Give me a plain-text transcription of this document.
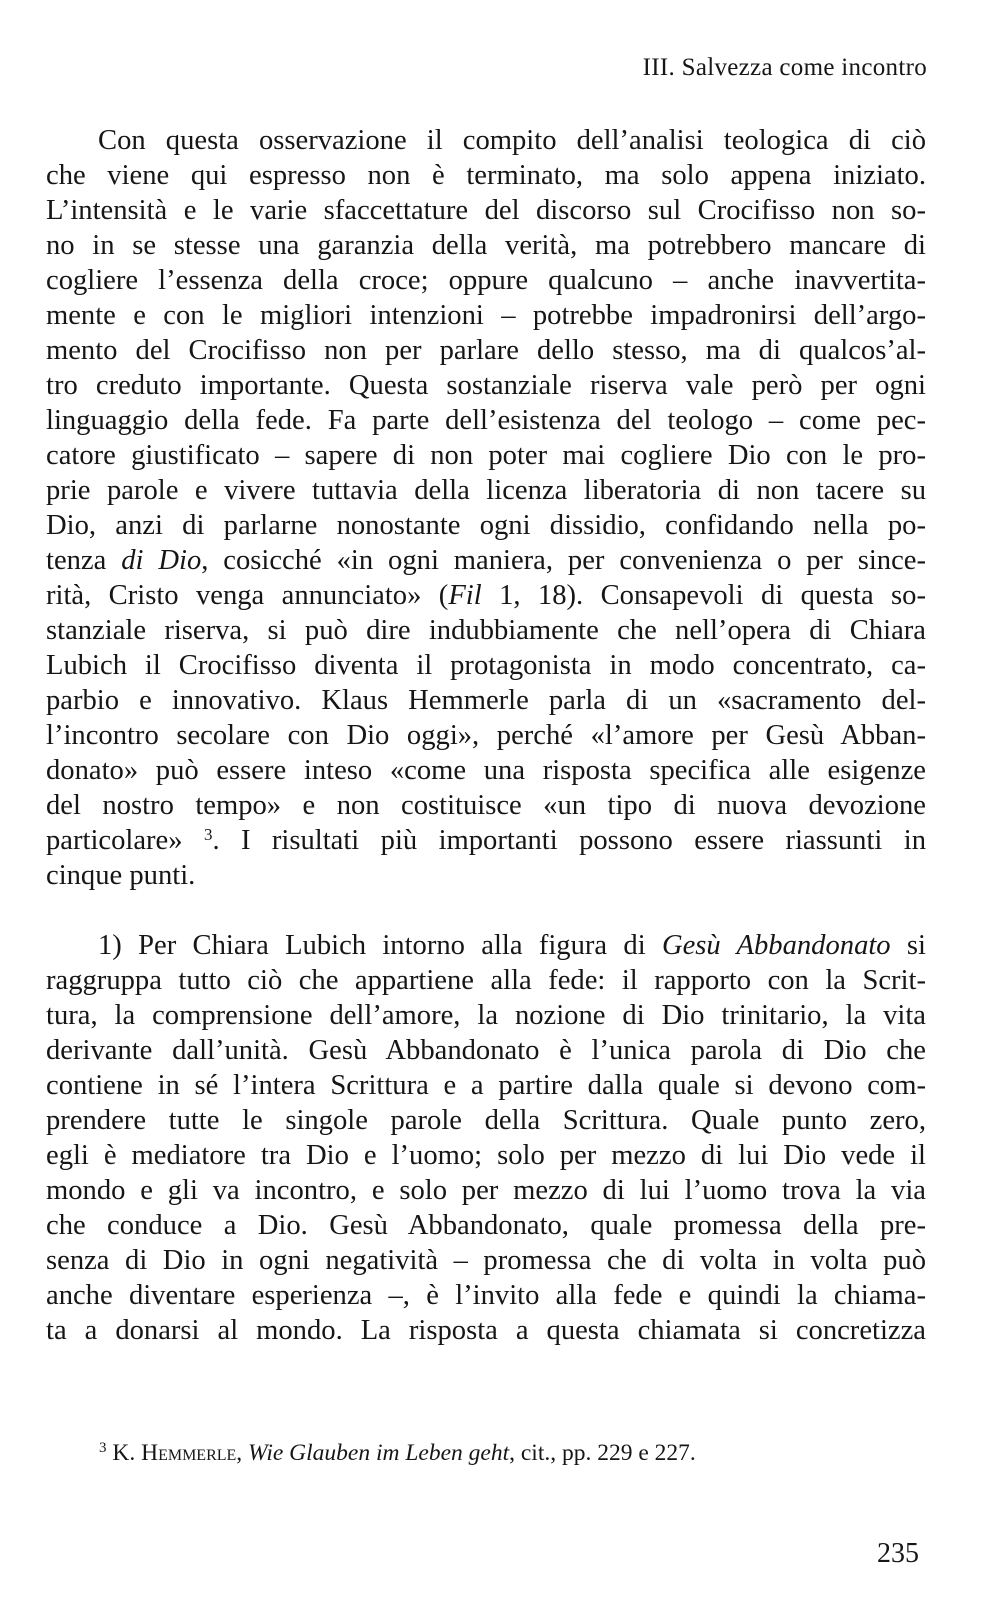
III. Salvezza come incontro
Con questa osservazione il compito dell’analisi teologica di ciò
che viene qui espresso non è terminato, ma solo appena iniziato.
L’intensità e le varie sfaccettature del discorso sul Crocifisso non so-
no in se stesse una garanzia della verità, ma potrebbero mancare di
cogliere l’essenza della croce; oppure qualcuno – anche inavvertita-
mente e con le migliori intenzioni – potrebbe impadronirsi dell’argo-
mento del Crocifisso non per parlare dello stesso, ma di qualcos’al-
tro creduto importante. Questa sostanziale riserva vale però per ogni
linguaggio della fede. Fa parte dell’esistenza del teologo – come pec-
catore giustificato – sapere di non poter mai cogliere Dio con le pro-
prie parole e vivere tuttavia della licenza liberatoria di non tacere su
Dio, anzi di parlarne nonostante ogni dissidio, confidando nella po-
tenza di Dio, cosicché «in ogni maniera, per convenienza o per since-
rità, Cristo venga annunciato» (Fil 1, 18). Consapevoli di questa so-
stanziale riserva, si può dire indubbiamente che nell’opera di Chiara
Lubich il Crocifisso diventa il protagonista in modo concentrato, ca-
parbio e innovativo. Klaus Hemmerle parla di un «sacramento del-
l’incontro secolare con Dio oggi», perché «l’amore per Gesù Abban-
donato» può essere inteso «come una risposta specifica alle esigenze
del nostro tempo» e non costituisce «un tipo di nuova devozione
particolare» $^3$. I risultati più importanti possono essere riassunti in
cinque punti.
1) Per Chiara Lubich intorno alla figura di Gesù Abbandonato si
raggruppa tutto ciò che appartiene alla fede: il rapporto con la Scrit-
tura, la comprensione dell’amore, la nozione di Dio trinitario, la vita
derivante dall’unità. Gesù Abbandonato è l’unica parola di Dio che
contiene in sé l’intera Scrittura e a partire dalla quale si devono com-
prendere tutte le singole parole della Scrittura. Quale punto zero,
egli è mediatore tra Dio e l’uomo; solo per mezzo di lui Dio vede il
mondo e gli va incontro, e solo per mezzo di lui l’uomo trova la via
che conduce a Dio. Gesù Abbandonato, quale promessa della pre-
senza di Dio in ogni negatività – promessa che di volta in volta può
anche diventare esperienza –, è l’invito alla fede e quindi la chiama-
ta a donarsi al mondo. La risposta a questa chiamata si concretizza
$^3$ K. Hemmerle, Wie Glauben im Leben geht, cit., pp. 229 e 227.
235
